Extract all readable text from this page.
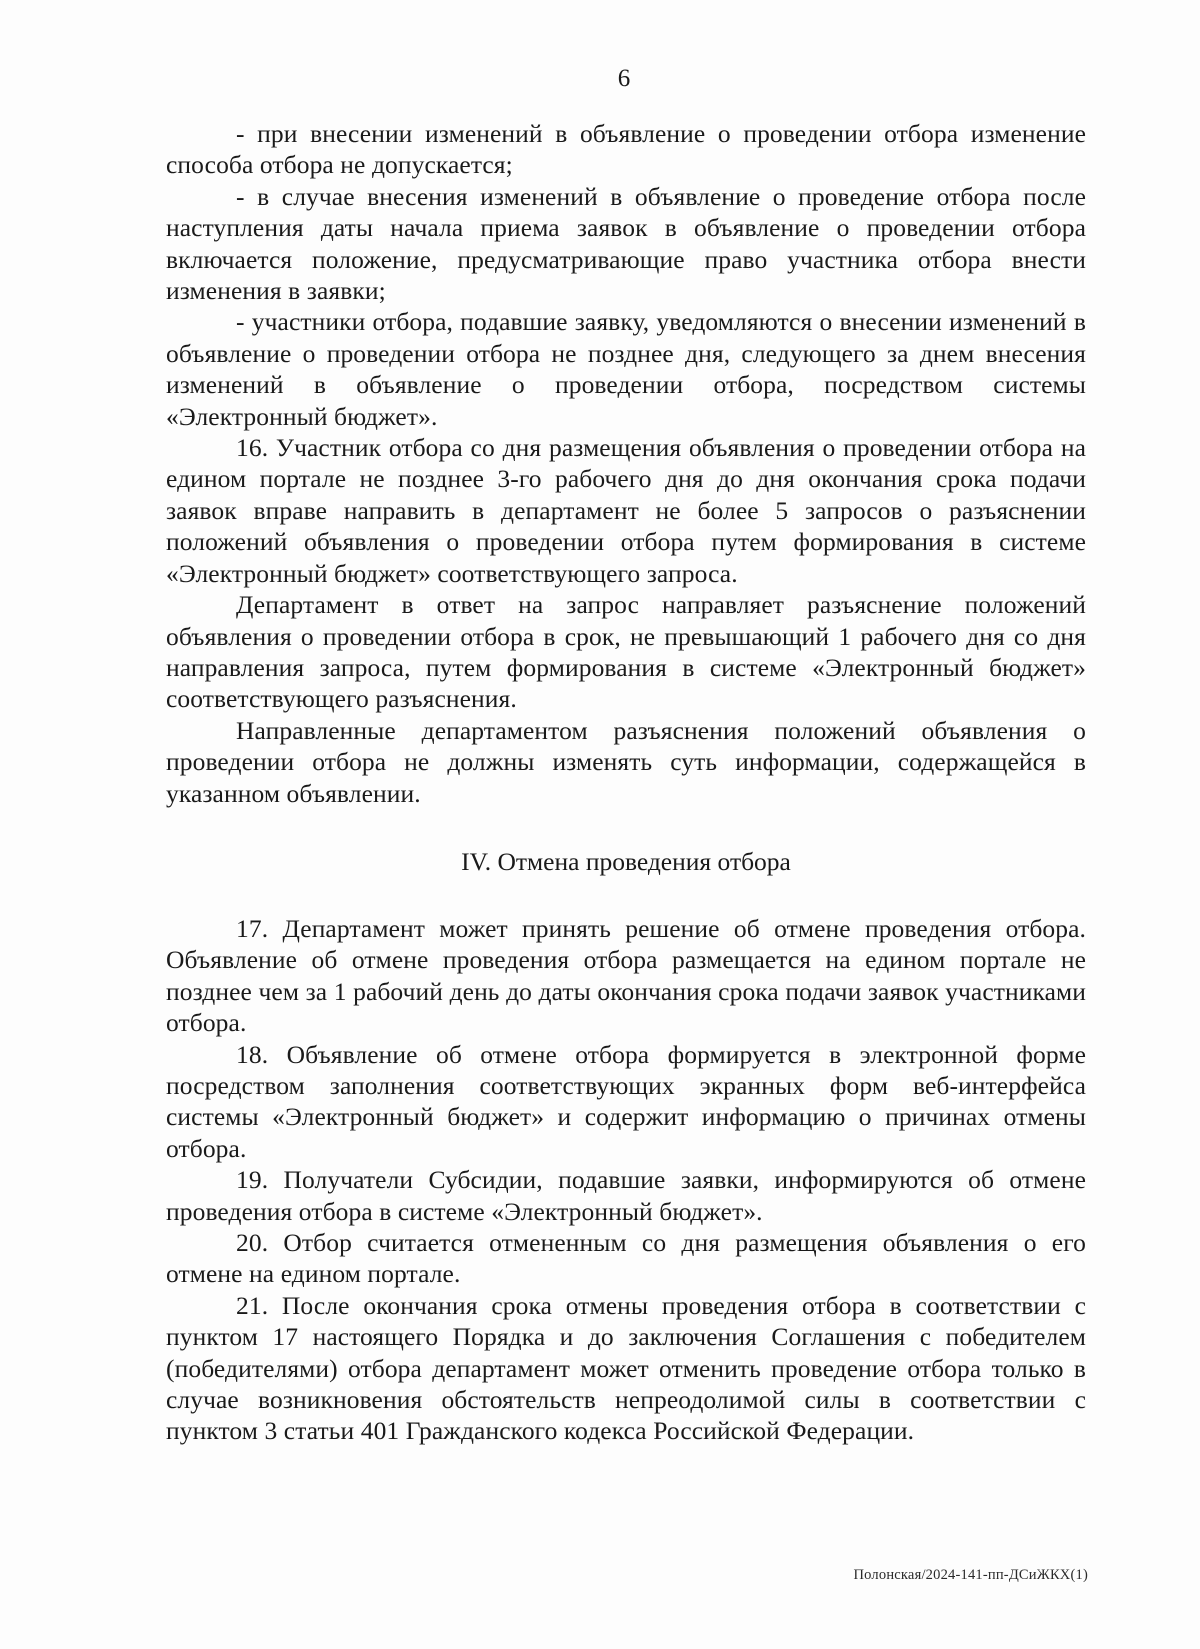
6

- при внесении изменений в объявление о проведении отбора изменение способа отбора не допускается;

- в случае внесения изменений в объявление о проведение отбора после наступления даты начала приема заявок в объявление о проведении отбора включается положение, предусматривающие право участника отбора внести изменения в заявки;

- участники отбора, подавшие заявку, уведомляются о внесении изменений в объявление о проведении отбора не позднее дня, следующего за днем внесения изменений в объявление о проведении отбора, посредством системы «Электронный бюджет».

16. Участник отбора со дня размещения объявления о проведении отбора на едином портале не позднее 3-го рабочего дня до дня окончания срока подачи заявок вправе направить в департамент не более 5 запросов о разъяснении положений объявления о проведении отбора путем формирования в системе «Электронный бюджет» соответствующего запроса.

Департамент в ответ на запрос направляет разъяснение положений объявления о проведении отбора в срок, не превышающий 1 рабочего дня со дня направления запроса, путем формирования в системе «Электронный бюджет» соответствующего разъяснения.

Направленные департаментом разъяснения положений объявления о проведении отбора не должны изменять суть информации, содержащейся в указанном объявлении.

IV. Отмена проведения отбора

17. Департамент может принять решение об отмене проведения отбора. Объявление об отмене проведения отбора размещается на едином портале не позднее чем за 1 рабочий день до даты окончания срока подачи заявок участниками отбора.

18. Объявление об отмене отбора формируется в электронной форме посредством заполнения соответствующих экранных форм веб-интерфейса системы «Электронный бюджет» и содержит информацию о причинах отмены отбора.

19. Получатели Субсидии, подавшие заявки, информируются об отмене проведения отбора в системе «Электронный бюджет».

20. Отбор считается отмененным со дня размещения объявления о его отмене на едином портале.

21. После окончания срока отмены проведения отбора в соответствии с пунктом 17 настоящего Порядка и до заключения Соглашения с победителем (победителями) отбора департамент может отменить проведение отбора только в случае возникновения обстоятельств непреодолимой силы в соответствии с пунктом 3 статьи 401 Гражданского кодекса Российской Федерации.

Полонская/2024-141-пп-ДСиЖКХ(1)
